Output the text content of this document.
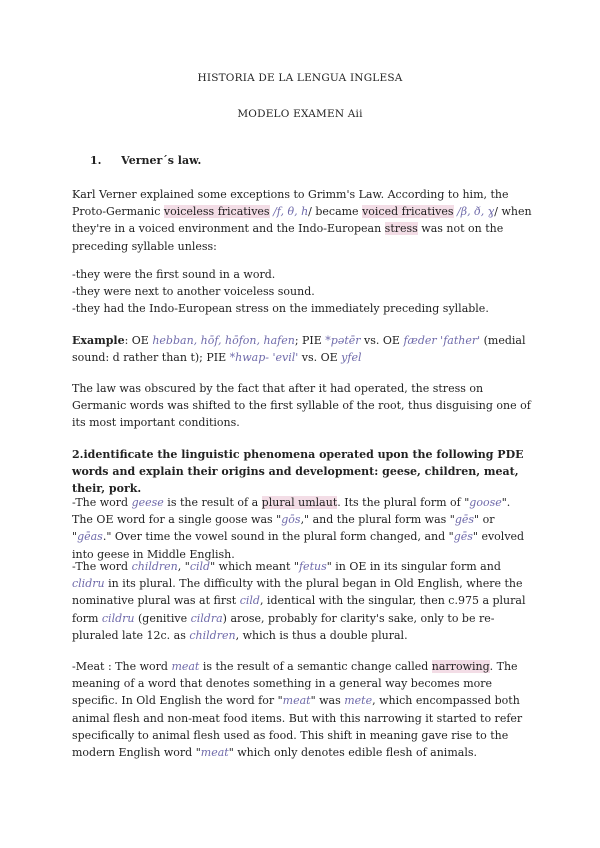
HISTORIA DE LA LENGUA INGLESA
MODELO EXAMEN Aii
1. Verner´s law.

Karl Verner explained some exceptions to Grimm's Law. According to him, the Proto-Germanic voiceless fricatives /f, θ, h/ became voiced fricatives /β, ð, ɣ/ when they're in a voiced environment and the Indo-European stress was not on the preceding syllable unless:

-they were the first sound in a word.
-they were next to another voiceless sound.
-they had the Indo-European stress on the immediately preceding syllable.

Example: OE hebban, hōf, hōfon, hafen; PIE *pətēr vs. OE fæder 'father' (medial sound: d rather than t); PIE *hwap- 'evil' vs. OE yfel

The law was obscured by the fact that after it had operated, the stress on Germanic words was shifted to the first syllable of the root, thus disguising one of its most important conditions.

2.identificate the linguistic phenomena operated upon the following PDE words and explain their origins and development: geese, children, meat, their, pork.

-The word geese is the result of a plural umlaut. Its the plural form of "goose". The OE word for a single goose was "gōs," and the plural form was "gēs" or "gēas." Over time the vowel sound in the plural form changed, and "gēs" evolved into geese in Middle English.

-The word children, "cild" which meant "fetus" in OE in its singular form and clidru in its plural. The difficulty with the plural began in Old English, where the nominative plural was at first cild, identical with the singular, then c.975 a plural form cildru (genitive cildra) arose, probably for clarity's sake, only to be re-pluraled late 12c. as children, which is thus a double plural.

-Meat : The word meat is the result of a semantic change called narrowing. The meaning of a word that denotes something in a general way becomes more specific. In Old English the word for "meat" was mete, which encompassed both animal flesh and non-meat food items. But with this narrowing it started to refer specifically to animal flesh used as food. This shift in meaning gave rise to the modern English word "meat" which only denotes edible flesh of animals.
